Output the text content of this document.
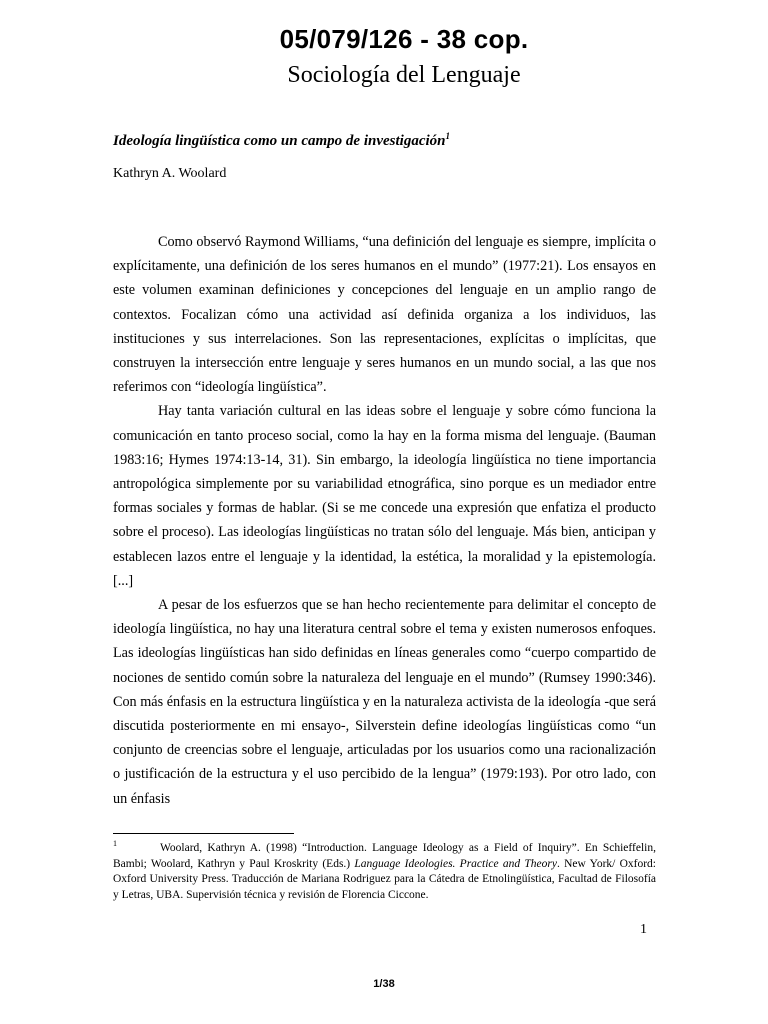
05/079/126 - 38 cop.
Sociología del Lenguaje
Ideología lingüística como un campo de investigación$^1$
Kathryn A. Woolard

Como observó Raymond Williams, “una definición del lenguaje es siempre, implícita o explícitamente, una definición de los seres humanos en el mundo” (1977:21). Los ensayos en este volumen examinan definiciones y concepciones del lenguaje en un amplio rango de contextos. Focalizan cómo una actividad así definida organiza a los individuos, las instituciones y sus interrelaciones. Son las representaciones, explícitas o implícitas, que construyen la intersección entre lenguaje y seres humanos en un mundo social, a las que nos referimos con “ideología lingüística”.

Hay tanta variación cultural en las ideas sobre el lenguaje y sobre cómo funciona la comunicación en tanto proceso social, como la hay en la forma misma del lenguaje. (Bauman 1983:16; Hymes 1974:13-14, 31). Sin embargo, la ideología lingüística no tiene importancia antropológica simplemente por su variabilidad etnográfica, sino porque es un mediador entre formas sociales y formas de hablar. (Si se me concede una expresión que enfatiza el producto sobre el proceso). Las ideologías lingüísticas no tratan sólo del lenguaje. Más bien, anticipan y establecen lazos entre el lenguaje y la identidad, la estética, la moralidad y la epistemología. [...]

A pesar de los esfuerzos que se han hecho recientemente para delimitar el concepto de ideología lingüística, no hay una literatura central sobre el tema y existen numerosos enfoques. Las ideologías lingüísticas han sido definidas en líneas generales como “cuerpo compartido de nociones de sentido común sobre la naturaleza del lenguaje en el mundo” (Rumsey 1990:346). Con más énfasis en la estructura lingüística y en la naturaleza activista de la ideología -que será discutida posteriormente en mi ensayo-, Silverstein define ideologías lingüísticas como “un conjunto de creencias sobre el lenguaje, articuladas por los usuarios como una racionalización o justificación de la estructura y el uso percibido de la lengua” (1979:193). Por otro lado, con un énfasis

1	Woolard, Kathryn A. (1998) “Introduction. Language Ideology as a Field of Inquiry”. En Schieffelin, Bambi; Woolard, Kathryn y Paul Kroskrity (Eds.) Language Ideologies. Practice and Theory. New York/ Oxford: Oxford University Press. Traducción de Mariana Rodriguez para la Cátedra de Etnolingüística, Facultad de Filosofía y Letras, UBA. Supervisión técnica y revisión de Florencia Ciccone.
1
1/38
